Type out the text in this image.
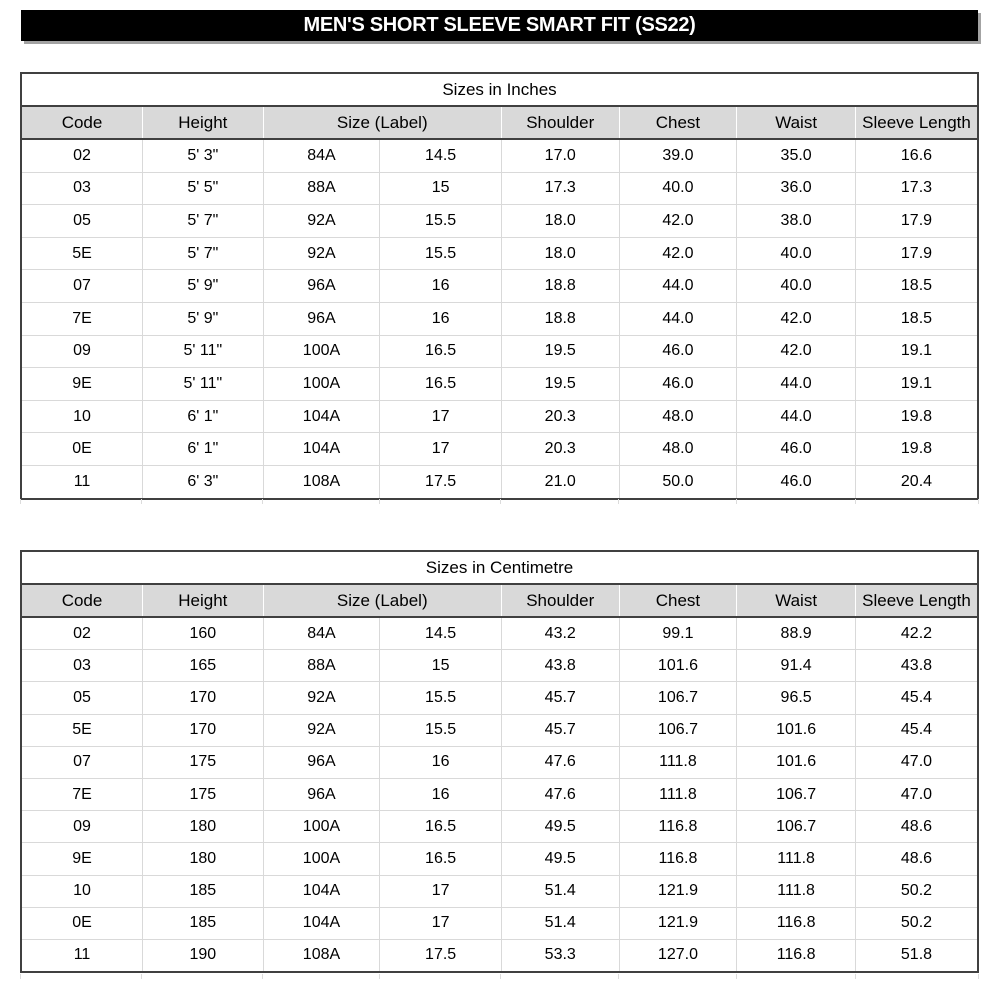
MEN'S SHORT SLEEVE SMART FIT (SS22)
Sizes in Inches							
Code	Height	Size (Label)		Shoulder	Chest	Waist	Sleeve Length
02	5' 3"	84A	14.5	17.0	39.0	35.0	16.6
03	5' 5"	88A	15	17.3	40.0	36.0	17.3
05	5' 7"	92A	15.5	18.0	42.0	38.0	17.9
5E	5' 7"	92A	15.5	18.0	42.0	40.0	17.9
07	5' 9"	96A	16	18.8	44.0	40.0	18.5
7E	5' 9"	96A	16	18.8	44.0	42.0	18.5
09	5' 11"	100A	16.5	19.5	46.0	42.0	19.1
9E	5' 11"	100A	16.5	19.5	46.0	44.0	19.1
10	6' 1"	104A	17	20.3	48.0	44.0	19.8
0E	6' 1"	104A	17	20.3	48.0	46.0	19.8
11	6' 3"	108A	17.5	21.0	50.0	46.0	20.4
Sizes in Centimetre							
Code	Height	Size (Label)		Shoulder	Chest	Waist	Sleeve Length
02	160	84A	14.5	43.2	99.1	88.9	42.2
03	165	88A	15	43.8	101.6	91.4	43.8
05	170	92A	15.5	45.7	106.7	96.5	45.4
5E	170	92A	15.5	45.7	106.7	101.6	45.4
07	175	96A	16	47.6	111.8	101.6	47.0
7E	175	96A	16	47.6	111.8	106.7	47.0
09	180	100A	16.5	49.5	116.8	106.7	48.6
9E	180	100A	16.5	49.5	116.8	111.8	48.6
10	185	104A	17	51.4	121.9	111.8	50.2
0E	185	104A	17	51.4	121.9	116.8	50.2
11	190	108A	17.5	53.3	127.0	116.8	51.8
